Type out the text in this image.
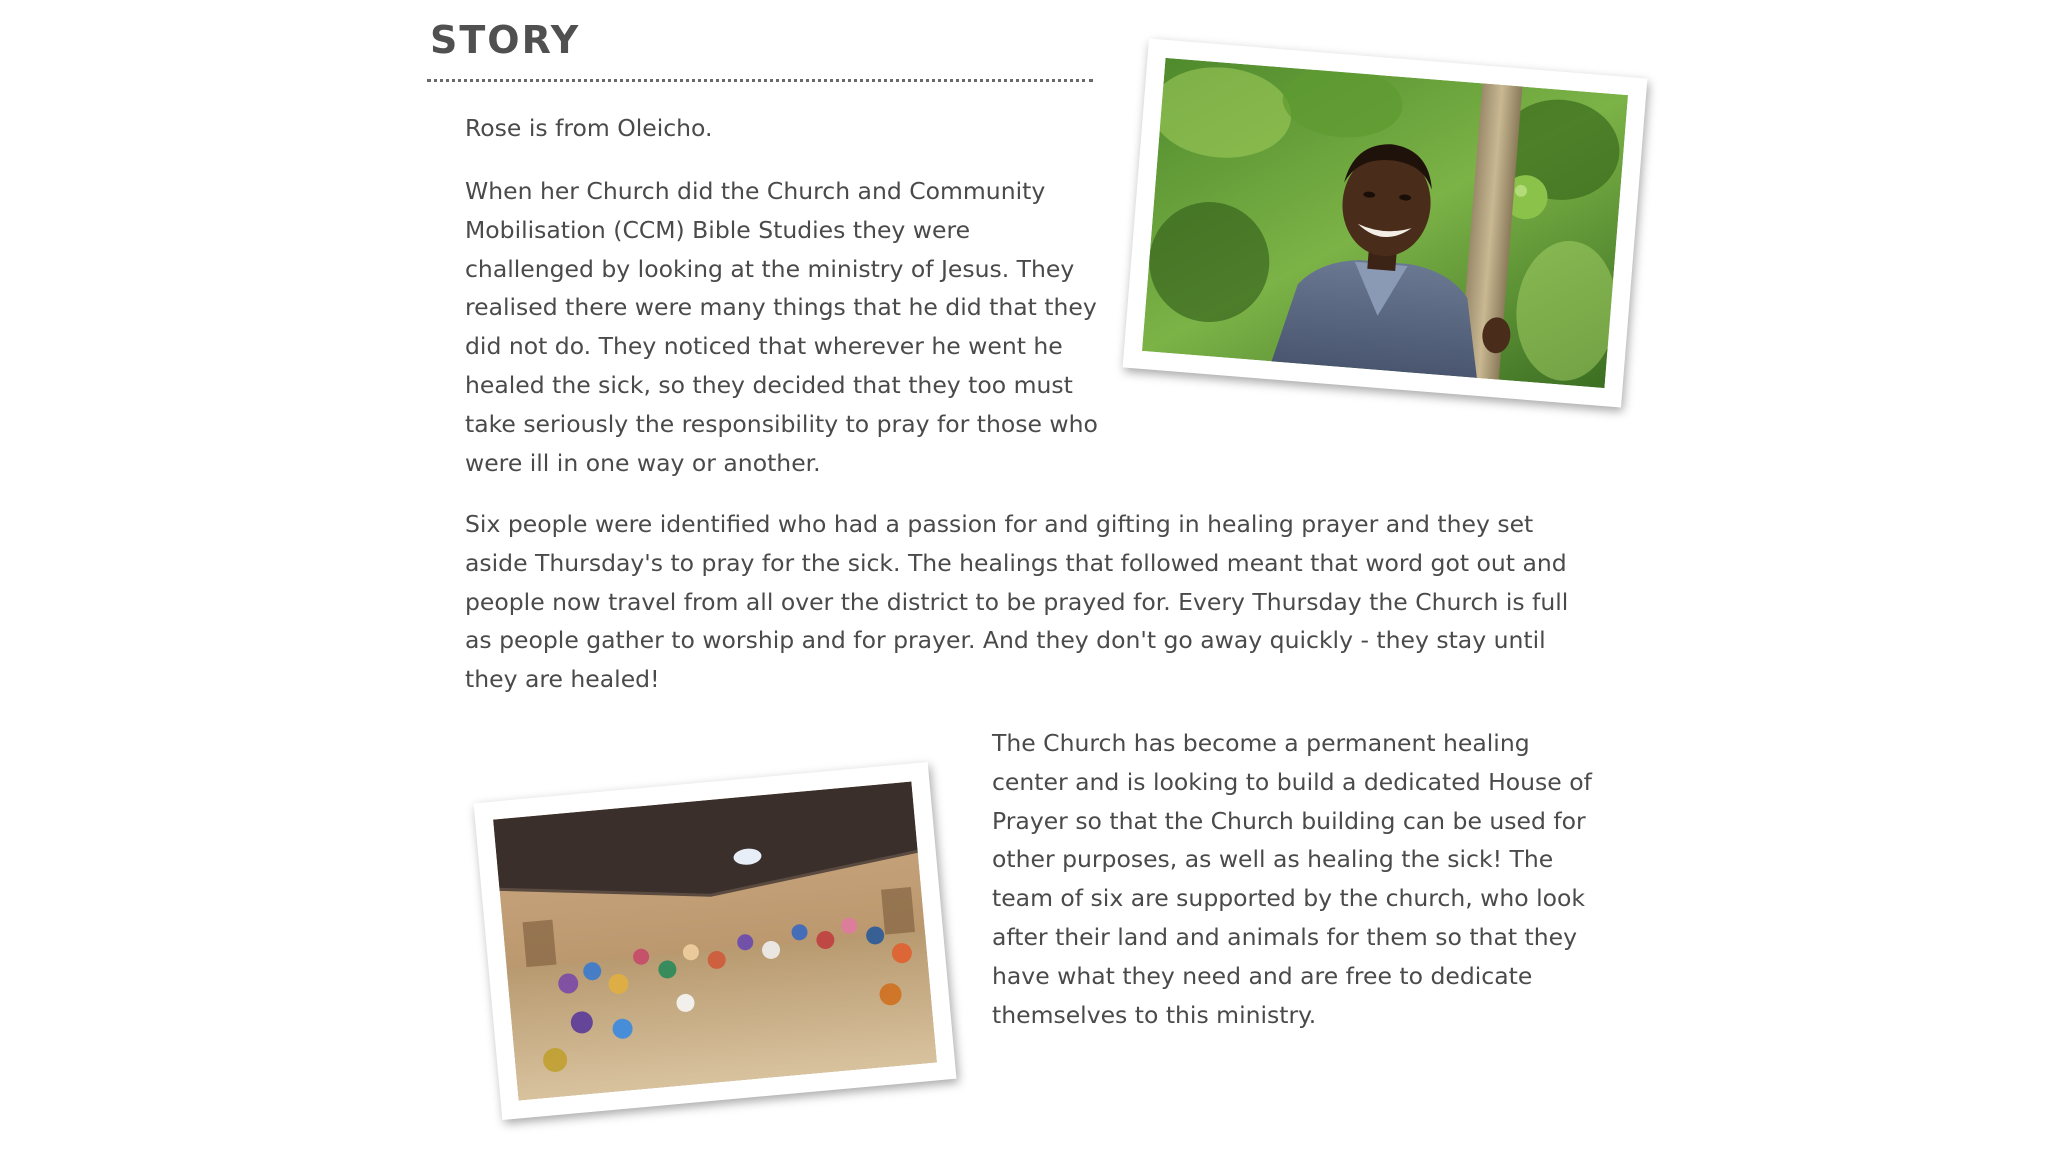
STORY

Rose is from Oleicho.

When her Church did the Church and Community Mobilisation (CCM) Bible Studies they were challenged by looking at the ministry of Jesus. They realised there were many things that he did that they did not do. They noticed that wherever he went he healed the sick, so they decided that they too must take seriously the responsibility to pray for those who were ill in one way or another.

Six people were identified who had a passion for and gifting in healing prayer and they set aside Thursday's to pray for the sick. The healings that followed meant that word got out and people now travel from all over the district to be prayed for. Every Thursday the Church is full as people gather to worship and for prayer. And they don't go away quickly - they stay until they are healed!

The Church has become a permanent healing center and is looking to build a dedicated House of Prayer so that the Church building can be used for other purposes, as well as healing the sick! The team of six are supported by the church, who look after their land and animals for them so that they have what they need and are free to dedicate themselves to this ministry.
